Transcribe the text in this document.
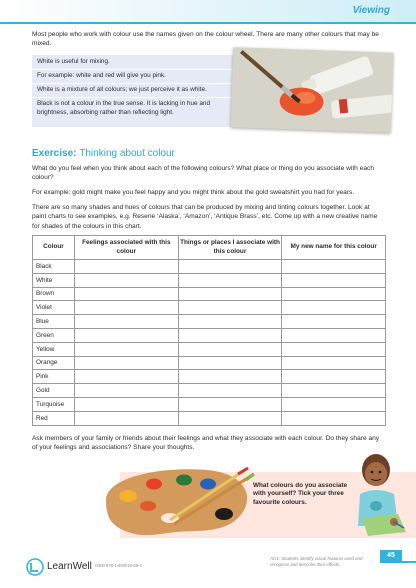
Viewing
Most people who work with colour use the names given on the colour wheel. There are many other colours that may be mixed.
White is useful for mixing.
For example: white and red will give you pink.
White is a mixture of all colours; we just perceive it as white.
Black is not a colour in the true sense. It is lacking in hue and brightness, absorbing rather than reflecting light.
Exercise: Thinking about colour
What do you feel when you think about each of the following colours? What place or thing do you associate with each colour?
For example: gold might make you feel happy and you might think about the gold sweatshirt you had for years.
There are so many shades and hues of colours that can be produced by mixing and tinting colours together. Look at paint charts to see examples, e.g. Resene ‘Alaska’, ‘Amazon’, ‘Antique Brass’, etc. Come up with a new creative name for shades of the colours in this chart.
Colour	Feelings associated with this colour	Things or places I associate with this colour	My new name for this colour
Black			
White			
Brown			
Violet			
Blue			
Green			
Yellow			
Orange			
Pink			
Gold			
Turquoise			
Red			
Ask members of your family or friends about their feelings and what they associate with each colour. Do they share any of your feelings and associations? Share your thoughts.
What colours do you associate with yourself? Tick your three favourite colours.
LearnWell ISBN 978-1-990015-69-4
AO1: Students identify visual features used and recognise and describe their effects.
45
